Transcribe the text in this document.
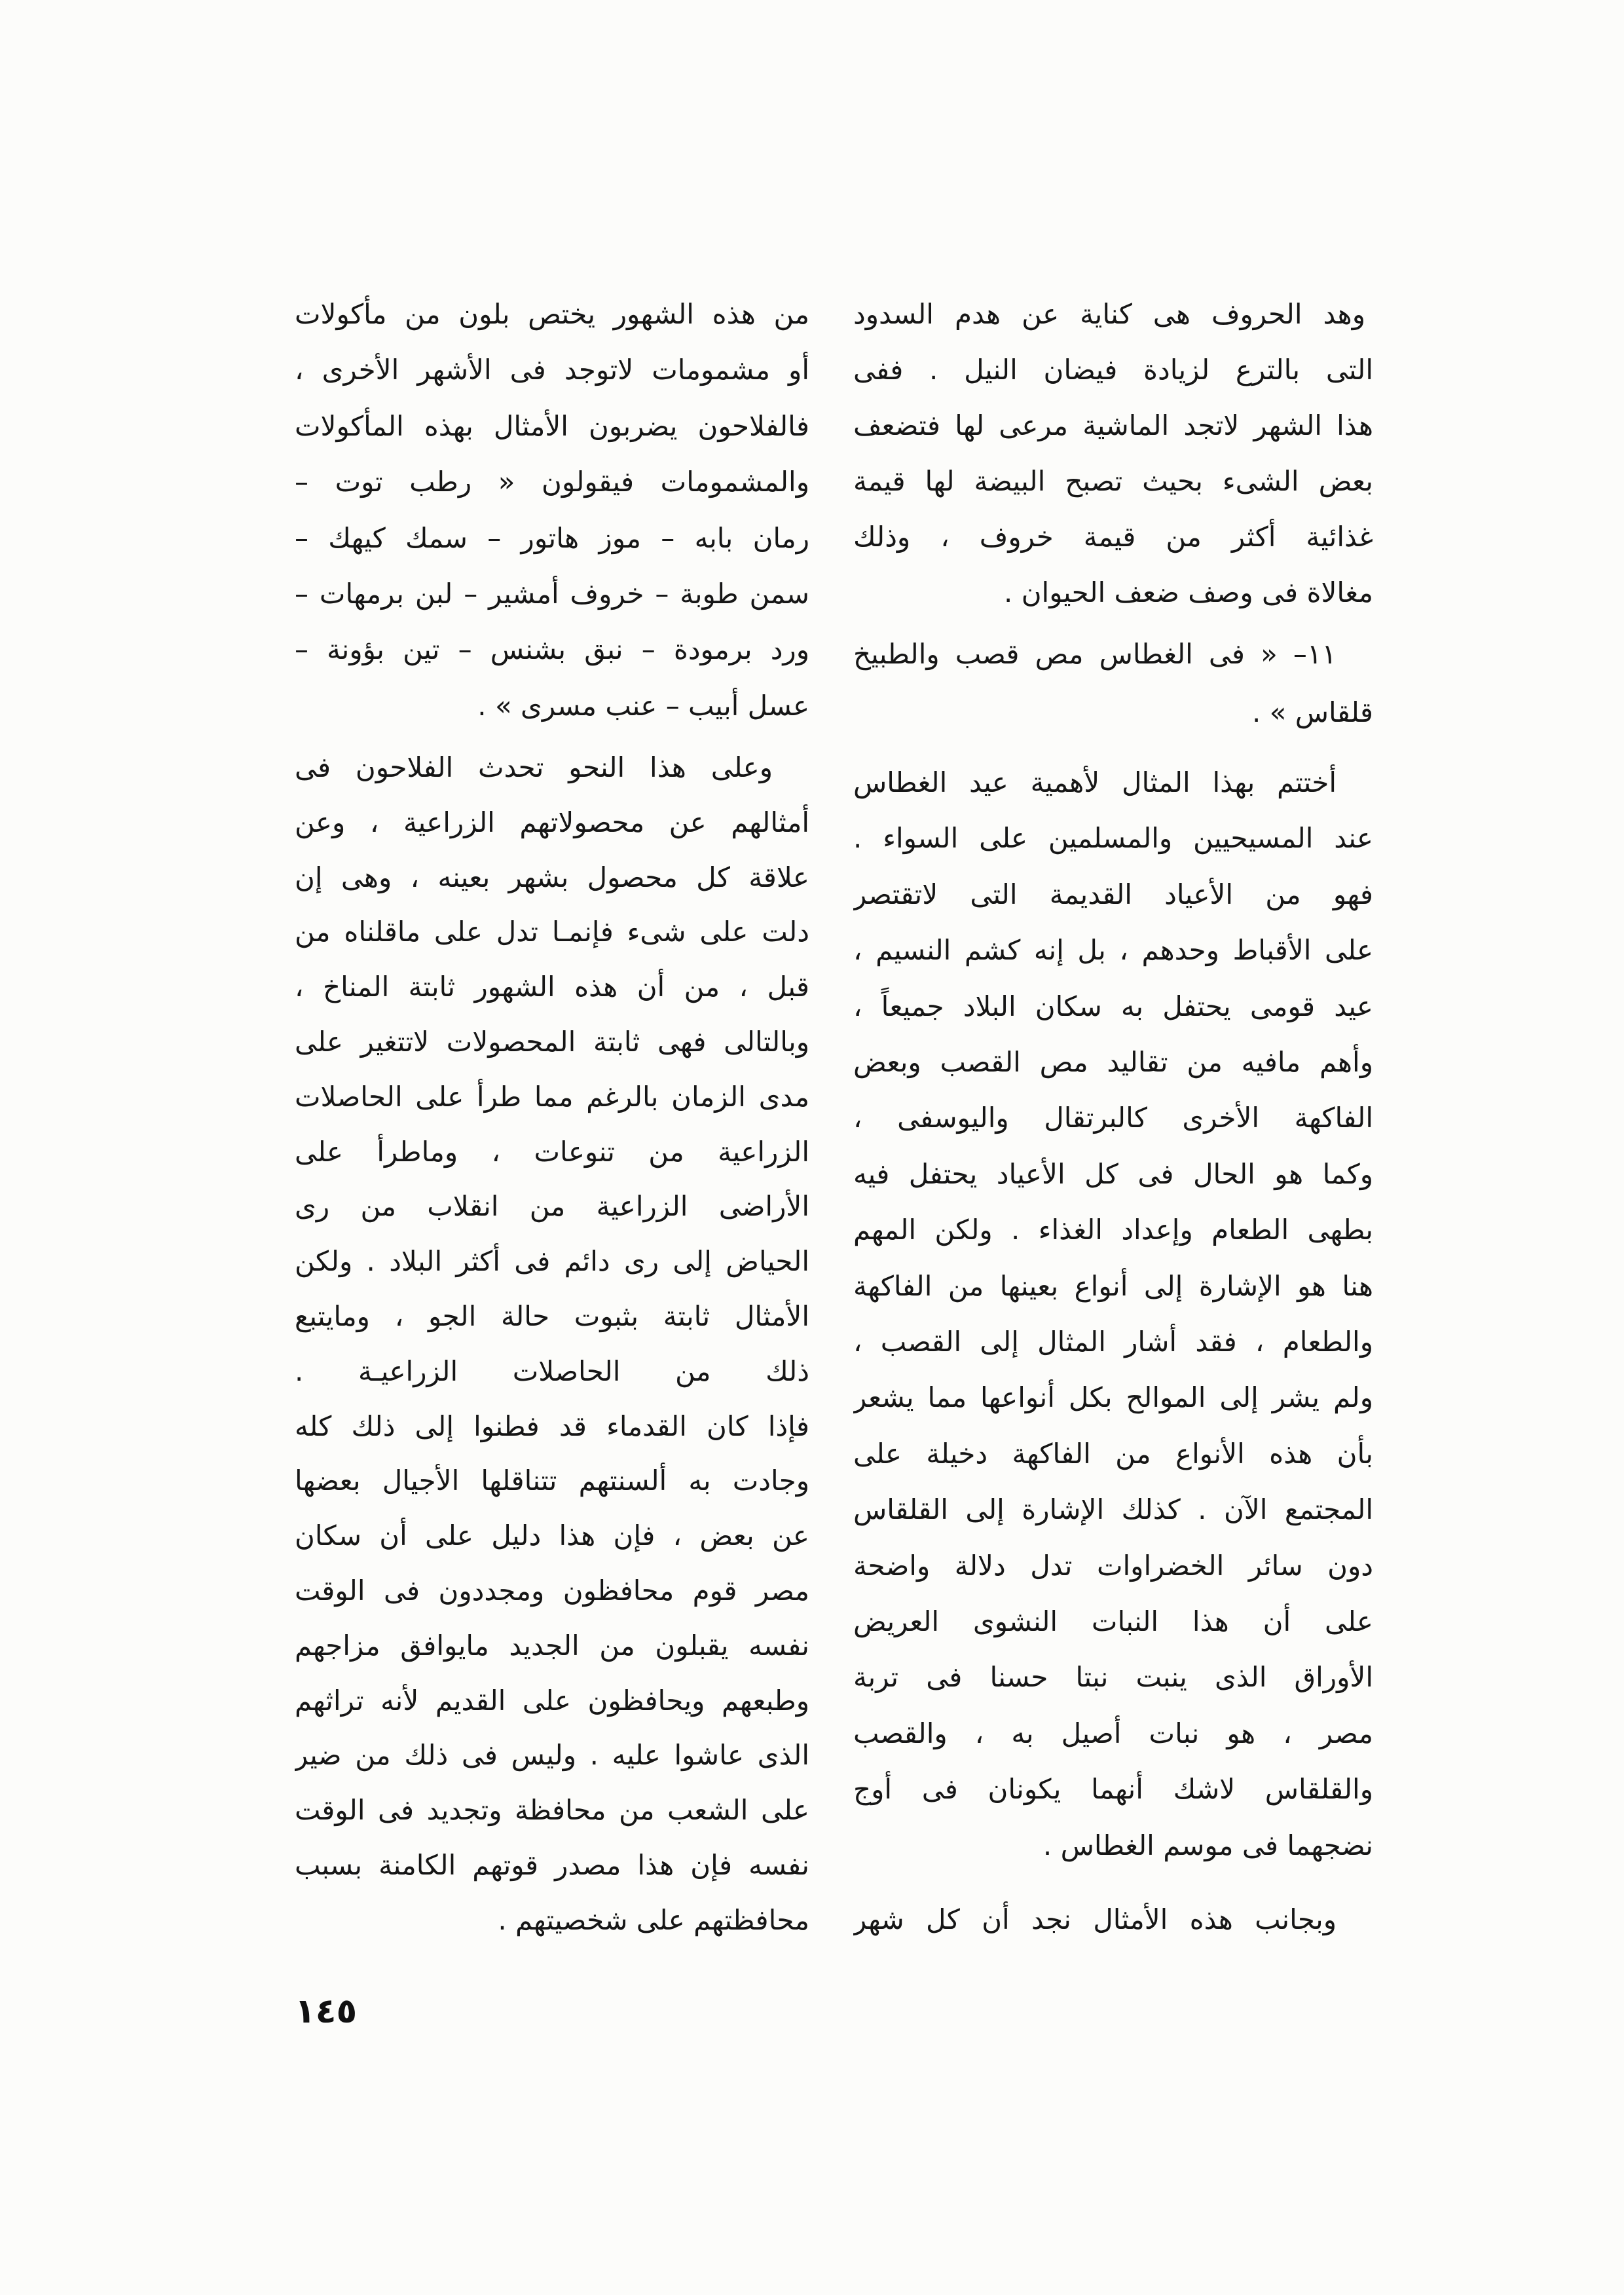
وهد الحروف هى كناية عن هدم السدود
التى بالترع لزيادة فيضان النيل . ففى
هذا الشهر لاتجد الماشية مرعى لها فتضعف
بعض الشىء بحيث تصبح البيضة لها قيمة
غذائية أكثر من قيمة خروف ، وذلك
مغالاة فى وصف ضعف الحيوان .
١١– « فى الغطاس مص قصب والطبيخ
قلقاس » .
أختتم بهذا المثال لأهمية عيد الغطاس
عند المسيحيين والمسلمين على السواء .
فهو من الأعياد القديمة التى لاتقتصر
على الأقباط وحدهم ، بل إنه كشم النسيم ،
عيد قومى يحتفل به سكان البلاد جميعاً ،
وأهم مافيه من تقاليد مص القصب وبعض
الفاكهة الأخرى كالبرتقال واليوسفى ،
وكما هو الحال فى كل الأعياد يحتفل فيه
بطهى الطعام وإعداد الغذاء . ولكن المهم
هنا هو الإشارة إلى أنواع بعينها من الفاكهة
والطعام ، فقد أشار المثال إلى القصب ،
ولم يشر إلى الموالح بكل أنواعها مما يشعر
بأن هذه الأنواع من الفاكهة دخيلة على
المجتمع الآن . كذلك الإشارة إلى القلقاس
دون سائر الخضراوات تدل دلالة واضحة
على أن هذا النبات النشوى العريض
الأوراق الذى ينبت نبتا حسنا فى تربة
مصر ، هو نبات أصيل به ، والقصب
والقلقاس لاشك أنهما يكونان فى أوج
نضجهما فى موسم الغطاس .
وبجانب هذه الأمثال نجد أن كل شهر
من هذه الشهور يختص بلون من مأكولات
أو مشمومات لاتوجد فى الأشهر الأخرى ،
فالفلاحون يضربون الأمثال بهذه المأكولات
والمشمومات فيقولون « رطب توت –
رمان بابه – موز هاتور – سمك كيهك –
سمن طوبة – خروف أمشير – لبن برمهات –
ورد برمودة – نبق بشنس – تين بؤونة –
عسل أبيب – عنب مسرى » .
وعلى هذا النحو تحدث الفلاحون فى
أمثالهم عن محصولاتهم الزراعية ، وعن
علاقة كل محصول بشهر بعينه ، وهى إن
دلت على شىء فإنمـا تدل على ماقلناه من
قبل ، من أن هذه الشهور ثابتة المناخ ،
وبالتالى فهى ثابتة المحصولات لاتتغير على
مدى الزمان بالرغم مما طرأ على الحاصلات
الزراعية من تنوعات ، وماطرأ على
الأراضى الزراعية من انقلاب من رى
الحياض إلى رى دائم فى أكثر البلاد . ولكن
الأمثال ثابتة بثبوت حالة الجو ، ومايتبع
ذلك من الحاصلات الزراعيـة .
فإذا كان القدماء قد فطنوا إلى ذلك كله
وجادت به ألسنتهم تتناقلها الأجيال بعضها
عن بعض ، فإن هذا دليل على أن سكان
مصر قوم محافظون ومجددون فى الوقت
نفسه يقبلون من الجديد مايوافق مزاجهم
وطبعهم ويحافظون على القديم لأنه تراثهم
الذى عاشوا عليه . وليس فى ذلك من ضير
على الشعب من محافظة وتجديد فى الوقت
نفسه فإن هذا مصدر قوتهم الكامنة بسبب
محافظتهم على شخصيتهم .
١٤٥
